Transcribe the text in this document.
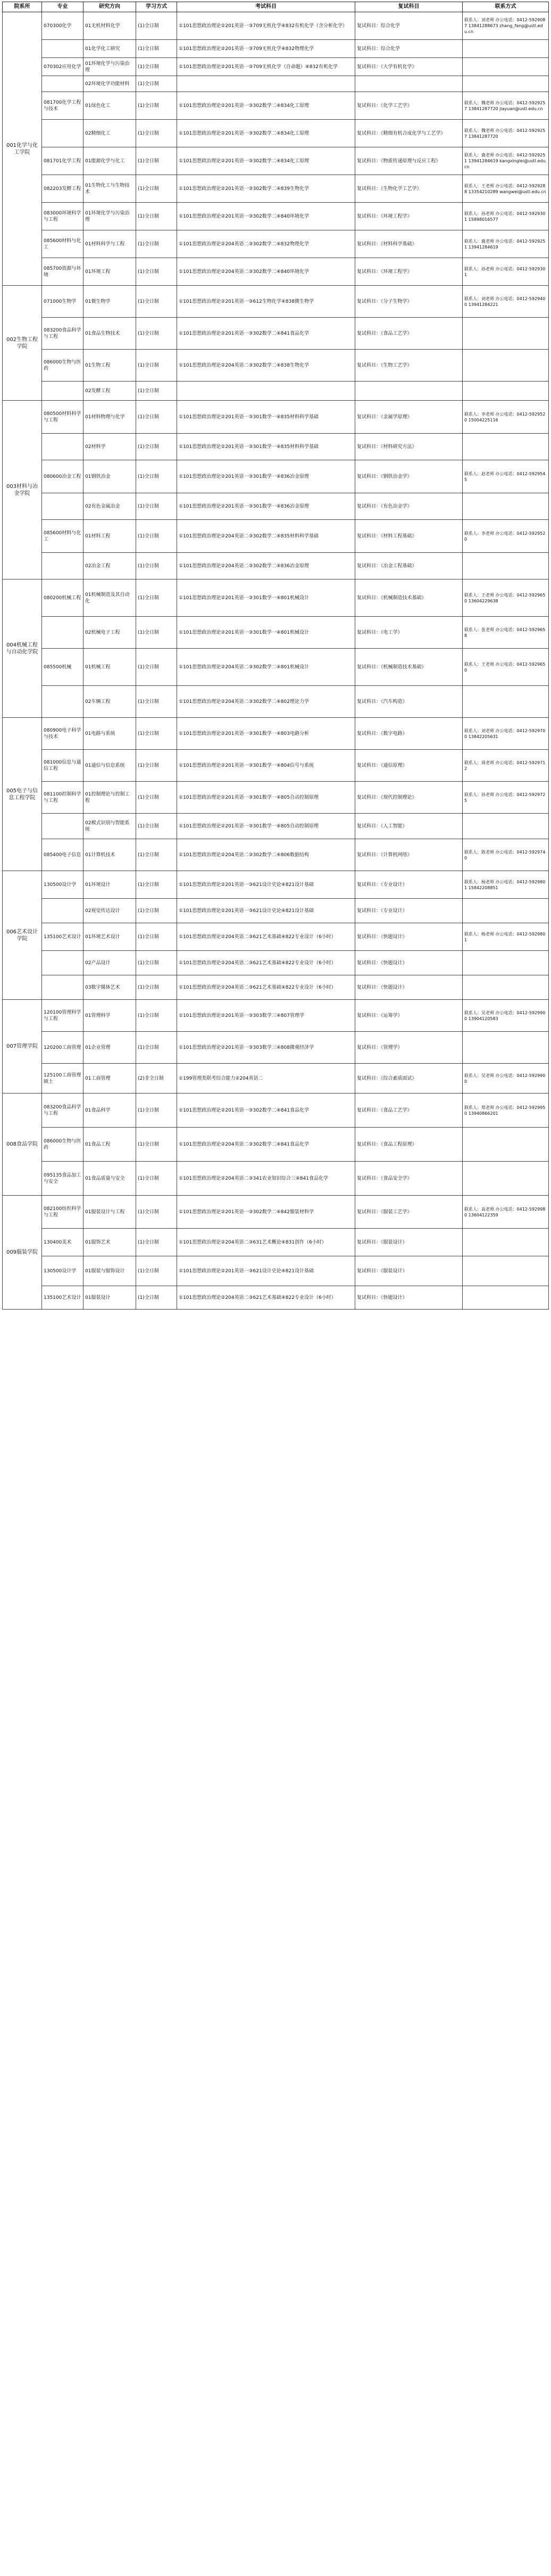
院系所	专业	研究方向	学习方式	考试科目	复试科目	联系方式
001化学与化工学院	070300化学	01无机材料化学	(1)全日制	①101思想政治理论②201英语一③709无机化学④832有机化学（含分析化学）	复试科目：综合化学	联系人：刘老师 办公电话：0412-5929087 13841288673 zhang_fang@ustl.edu.cn
		01化学化工研究	(1)全日制	①101思想政治理论②201英语一③709无机化学④832物理化学	复试科目：综合化学	
	070302应用化学	01环境化学与污染治理	(1)全日制	①101思想政治理论②201英语一③709无机化学（自命题）④832有机化学	复试科目：《大学有机化学》	
		02环境化学功能材料	(1)全日制			
	081700化学工程与技术	01绿色化工	(1)全日制	①101思想政治理论②201英语一③302数学二④834化工原理	复试科目：《化学工艺学》	联系人：魏老师 办公电话：0412-5929257 13841287720 jiayuan@ustl.edu.cn
		02精细化工	(1)全日制	①101思想政治理论②201英语一③302数学二④834化工原理	复试科目：《精细有机合成化学与工艺学》	联系人：魏老师 办公电话：0412-5929257 13841287720
	081701化学工程	01能源化学与化工	(1)全日制	①101思想政治理论②201英语一③302数学二④834化工原理	复试科目：《物质传递原理与反应工程》	联系人：鹿老师 办公电话：0412-5929251 13941284619 kangxinglei@ustl.edu.cn
	082203发酵工程	01生物化工与生物技术	(1)全日制	①101思想政治理论②201英语一③302数学二④839生物化学	复试科目：《生物化学工艺学》	联系人：王老师 办公电话：0412-5929288 13354210289 wangwei@ustl.edu.cn
	083000环境科学与工程	01环境化学与污染治理	(1)全日制	①101思想政治理论②201英语一③302数学二④840环境化学	复试科目：《环境工程学》	联系人：孙老师 办公电话：0412-5929301 15898016577
	085600材料与化工	01材料科学与工程	(1)全日制	①101思想政治理论②204英语二③302数学二④832物理化学	复试科目：《材料科学基础》	联系人：鹿老师 办公电话：0412-5929251 13941284619
	085700资源与环境	01环境工程	(1)全日制	①101思想政治理论②204英语二③302数学二④840环境化学	复试科目：《环境工程学》	联系人：孙老师 办公电话：0412-5929301
002生物工程学院	071000生物学	01微生物学	(1)全日制	①101思想政治理论②201英语一③612生物化学④838微生物学	复试科目：《分子生物学》	联系人：刘老师 办公电话：0412-5929400 13941284221
	083200食品科学与工程	01食品生物技术	(1)全日制	①101思想政治理论②201英语一③302数学二④841食品化学	复试科目：《食品工艺学》	
	086000生物与医药	01生物工程	(1)全日制	①101思想政治理论②204英语二③302数学二④838生物化学	复试科目：《生物工艺学》	
		02发酵工程	(1)全日制			
003材料与冶金学院	080500材料科学与工程	01材料物理与化学	(1)全日制	①101思想政治理论②201英语一③301数学一④835材料科学基础	复试科目：《金属学原理》	联系人：李老师 办公电话：0412-5929520 15004225116
		02材料学	(1)全日制	①101思想政治理论②201英语一③301数学一④835材料科学基础	复试科目：《材料研究方法》	
	080600冶金工程	01钢铁冶金	(1)全日制	①101思想政治理论②201英语一③301数学一④836冶金原理	复试科目：《钢铁冶金学》	联系人：赵老师 办公电话：0412-5929545
		02有色金属冶金	(1)全日制	①101思想政治理论②201英语一③301数学一④836冶金原理	复试科目：《有色冶金学》	
	085600材料与化工	01材料工程	(1)全日制	①101思想政治理论②204英语二③302数学二④835材料科学基础	复试科目：《材料工程基础》	联系人：李老师 办公电话：0412-5929520
		02冶金工程	(1)全日制	①101思想政治理论②204英语二③302数学二④836冶金原理	复试科目：《冶金工程基础》	
004机械工程与自动化学院	080200机械工程	01机械制造及其自动化	(1)全日制	①101思想政治理论②201英语一③301数学一④801机械设计	复试科目：《机械制造技术基础》	联系人：王老师 办公电话：0412-5929650 13604229638
		02机械电子工程	(1)全日制	①101思想政治理论②201英语一③301数学一④801机械设计	复试科目：《电工学》	联系人：张老师 办公电话：0412-5929658
	085500机械	01机械工程	(1)全日制	①101思想政治理论②204英语二③302数学二④801机械设计	复试科目：《机械制造技术基础》	联系人：王老师 办公电话：0412-5929650
		02车辆工程	(1)全日制	①101思想政治理论②204英语二③302数学二④802理论力学	复试科目：《汽车构造》	
005电子与信息工程学院	080900电子科学与技术	01电路与系统	(1)全日制	①101思想政治理论②201英语一③301数学一④803电路分析	复试科目：《数字电路》	联系人：刘老师 办公电话：0412-5929700 13842205631
	081000信息与通信工程	01通信与信息系统	(1)全日制	①101思想政治理论②201英语一③301数学一④804信号与系统	复试科目：《通信原理》	联系人：周老师 办公电话：0412-5929712
	081100控制科学与工程	01控制理论与控制工程	(1)全日制	①101思想政治理论②201英语一③301数学一④805自动控制原理	复试科目：《现代控制理论》	联系人：孙老师 办公电话：0412-5929725
		02模式识别与智能系统	(1)全日制	①101思想政治理论②201英语一③301数学一④805自动控制原理	复试科目：《人工智能》	
	085400电子信息	01计算机技术	(1)全日制	①101思想政治理论②204英语二③302数学二④806数据结构	复试科目：《计算机网络》	联系人：陈老师 办公电话：0412-5929740
006艺术设计学院	130500设计学	01环境设计	(1)全日制	①101思想政治理论②201英语一③621设计史论④821设计基础	复试科目：《专业设计》	联系人：杨老师 办公电话：0412-5929801 15842208851
		02视觉传达设计	(1)全日制	①101思想政治理论②201英语一③621设计史论④821设计基础	复试科目：《专业设计》	
	135100艺术设计	01环境艺术设计	(1)全日制	①101思想政治理论②204英语二③621艺术基础④822专业设计（6小时）	复试科目：《快题设计》	联系人：杨老师 办公电话：0412-5929801
		02产品设计	(1)全日制	①101思想政治理论②204英语二③621艺术基础④822专业设计（6小时）	复试科目：《快题设计》	
		03数字媒体艺术	(1)全日制	①101思想政治理论②204英语二③621艺术基础④822专业设计（6小时）	复试科目：《快题设计》	
007管理学院	120100管理科学与工程	01管理科学	(1)全日制	①101思想政治理论②201英语一③303数学三④807管理学	复试科目：《运筹学》	联系人：吴老师 办公电话：0412-5929900 13904120583
	120200工商管理	01企业管理	(1)全日制	①101思想政治理论②201英语一③303数学三④808微观经济学	复试科目：《管理学》	
	125100工商管理硕士	01工商管理	(2)非全日制	①199管理类联考综合能力②204英语二	复试科目：《综合素质面试》	联系人：吴老师 办公电话：0412-5929900
008食品学院	083200食品科学与工程	01食品科学	(1)全日制	①101思想政治理论②201英语一③302数学二④841食品化学	复试科目：《食品工艺学》	联系人：郑老师 办公电话：0412-5929950 13940866201
	086000生物与医药	01食品工程	(1)全日制	①101思想政治理论②204英语二③302数学二④841食品化学	复试科目：《食品工程原理》	
	095135食品加工与安全	01食品质量与安全	(1)全日制	①101思想政治理论②204英语二③341农业知识综合三④841食品化学	复试科目：《食品安全学》	
009服装学院	082100纺织科学与工程	01服装设计与工程	(1)全日制	①101思想政治理论②201英语一③302数学二④842服装材料学	复试科目：《服装工艺学》	联系人：高老师 办公电话：0412-5929980 13604122359
	130400美术	01服饰艺术	(1)全日制	①101思想政治理论②204英语二③631艺术概论④831创作（6小时）	复试科目：《服装设计》	
	130500设计学	01服装与服饰设计	(1)全日制	①101思想政治理论②201英语一③621设计史论④821设计基础	复试科目：《服装设计》	
	135100艺术设计	01服装设计	(1)全日制	①101思想政治理论②204英语二③621艺术基础④822专业设计（6小时）	复试科目：《快题设计》	
